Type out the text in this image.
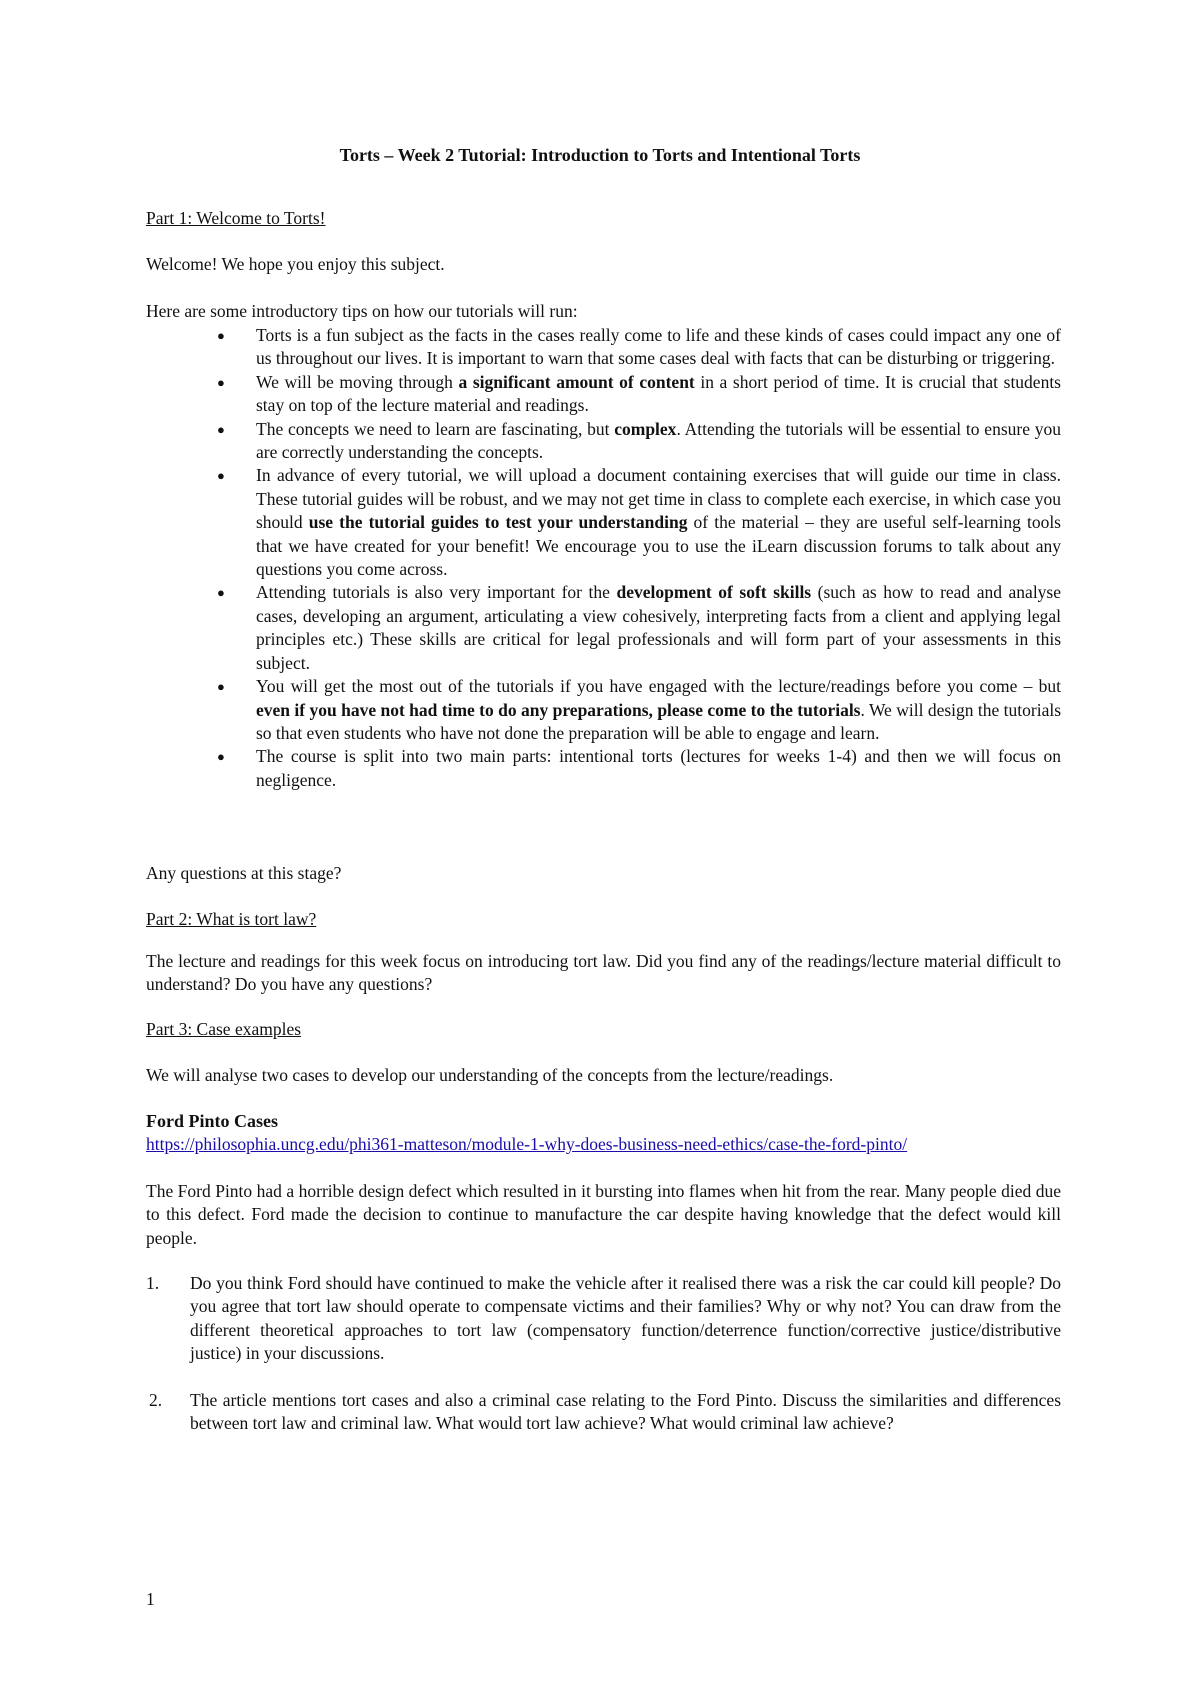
Torts – Week 2 Tutorial: Introduction to Torts and Intentional Torts

Part 1: Welcome to Torts!

Welcome! We hope you enjoy this subject.

Here are some introductory tips on how our tutorials will run:

● Torts is a fun subject as the facts in the cases really come to life and these kinds of cases could impact any one of us throughout our lives. It is important to warn that some cases deal with facts that can be disturbing or triggering.
● We will be moving through a significant amount of content in a short period of time. It is crucial that students stay on top of the lecture material and readings.
● The concepts we need to learn are fascinating, but complex. Attending the tutorials will be essential to ensure you are correctly understanding the concepts.
● In advance of every tutorial, we will upload a document containing exercises that will guide our time in class. These tutorial guides will be robust, and we may not get time in class to complete each exercise, in which case you should use the tutorial guides to test your understanding of the material – they are useful self-learning tools that we have created for your benefit! We encourage you to use the iLearn discussion forums to talk about any questions you come across.
● Attending tutorials is also very important for the development of soft skills (such as how to read and analyse cases, developing an argument, articulating a view cohesively, interpreting facts from a client and applying legal principles etc.) These skills are critical for legal professionals and will form part of your assessments in this subject.
● You will get the most out of the tutorials if you have engaged with the lecture/readings before you come – but even if you have not had time to do any preparations, please come to the tutorials. We will design the tutorials so that even students who have not done the preparation will be able to engage and learn.
● The course is split into two main parts: intentional torts (lectures for weeks 1-4) and then we will focus on negligence.

Any questions at this stage?

Part 2: What is tort law?

The lecture and readings for this week focus on introducing tort law. Did you find any of the readings/lecture material difficult to understand? Do you have any questions?

Part 3: Case examples

We will analyse two cases to develop our understanding of the concepts from the lecture/readings.

Ford Pinto Cases

https://philosophia.uncg.edu/phi361-matteson/module-1-why-does-business-need-ethics/case-the-ford-pinto/

The Ford Pinto had a horrible design defect which resulted in it bursting into flames when hit from the rear. Many people died due to this defect. Ford made the decision to continue to manufacture the car despite having knowledge that the defect would kill people.

1. Do you think Ford should have continued to make the vehicle after it realised there was a risk the car could kill people? Do you agree that tort law should operate to compensate victims and their families? Why or why not? You can draw from the different theoretical approaches to tort law (compensatory function/deterrence function/corrective justice/distributive justice) in your discussions.
2. The article mentions tort cases and also a criminal case relating to the Ford Pinto. Discuss the similarities and differences between tort law and criminal law. What would tort law achieve? What would criminal law achieve?
1
